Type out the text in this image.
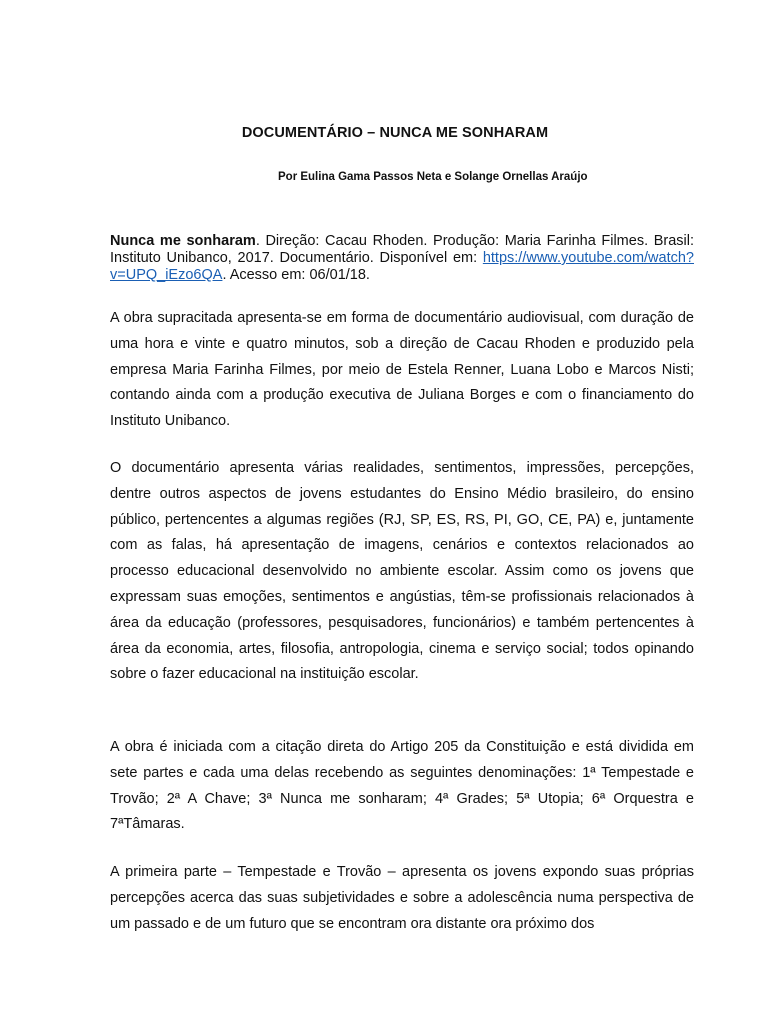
DOCUMENTÁRIO – NUNCA ME SONHARAM

Por Eulina Gama Passos Neta e Solange Ornellas Araújo

Nunca me sonharam. Direção: Cacau Rhoden. Produção: Maria Farinha Filmes. Brasil: Instituto Unibanco, 2017. Documentário. Disponível em: https://www.youtube.com/watch?v=UPQ_iEzo6QA. Acesso em: 06/01/18.

A obra supracitada apresenta-se em forma de documentário audiovisual, com duração de uma hora e vinte e quatro minutos, sob a direção de Cacau Rhoden e produzido pela empresa Maria Farinha Filmes, por meio de Estela Renner, Luana Lobo e Marcos Nisti; contando ainda com a produção executiva de Juliana Borges e com o financiamento do Instituto Unibanco.

O documentário apresenta várias realidades, sentimentos, impressões, percepções, dentre outros aspectos de jovens estudantes do Ensino Médio brasileiro, do ensino público, pertencentes a algumas regiões (RJ, SP, ES, RS, PI, GO, CE, PA) e, juntamente com as falas, há apresentação de imagens, cenários e contextos relacionados ao processo educacional desenvolvido no ambiente escolar. Assim como os jovens que expressam suas emoções, sentimentos e angústias, têm-se profissionais relacionados à área da educação (professores, pesquisadores, funcionários) e também pertencentes à área da economia, artes, filosofia, antropologia, cinema e serviço social; todos opinando sobre o fazer educacional na instituição escolar.

A obra é iniciada com a citação direta do Artigo 205 da Constituição e está dividida em sete partes e cada uma delas recebendo as seguintes denominações: 1ª Tempestade e Trovão; 2ª A Chave; 3ª Nunca me sonharam; 4ª Grades; 5ª Utopia; 6ª Orquestra e 7ªTâmaras.

A primeira parte – Tempestade e Trovão – apresenta os jovens expondo suas próprias percepções acerca das suas subjetividades e sobre a adolescência numa perspectiva de um passado e de um futuro que se encontram ora distante ora próximo dos
